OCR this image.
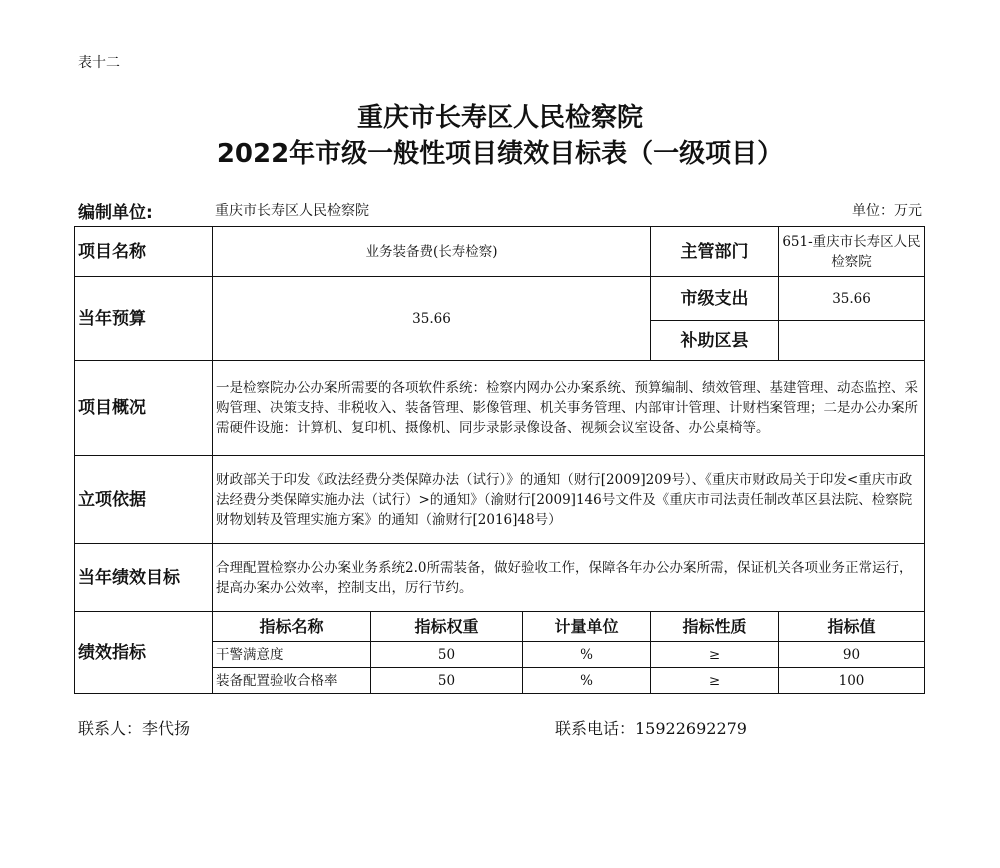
表十二
重庆市长寿区人民检察院
2022年市级一般性项目绩效目标表（一级项目）
编制单位:	重庆市长寿区人民检察院	单位：万元
项目名称	业务装备费(长寿检察)			主管部门	651-重庆市长寿区人民检察院
当年预算	35.66			市级支出	35.66
				补助区县	
项目概况	一是检察院办公办案所需要的各项软件系统：检察内网办公办案系统、预算编制、绩效管理、基建管理、动态监控、采购管理、决策支持、非税收入、装备管理、影像管理、机关事务管理、内部审计管理、计财档案管理；二是办公办案所需硬件设施：计算机、复印机、摄像机、同步录影录像设备、视频会议室设备、办公桌椅等。				
立项依据	财政部关于印发《政法经费分类保障办法（试行）》的通知（财行[2009]209号）、《重庆市财政局关于印发<重庆市政法经费分类保障实施办法（试行）>的通知》（渝财行[2009]146号文件及《重庆市司法责任制改革区县法院、检察院财物划转及管理实施方案》的通知（渝财行[2016]48号）				
当年绩效目标	合理配置检察办公办案业务系统2.0所需装备，做好验收工作，保障各年办公办案所需，保证机关各项业务正常运行，提高办案办公效率，控制支出，厉行节约。				
绩效指标	指标名称	指标权重	计量单位	指标性质	指标值
	干警满意度	50	%	≥	90
	装备配置验收合格率	50	%	≥	100
联系人：李代扬	联系电话：15922692279
